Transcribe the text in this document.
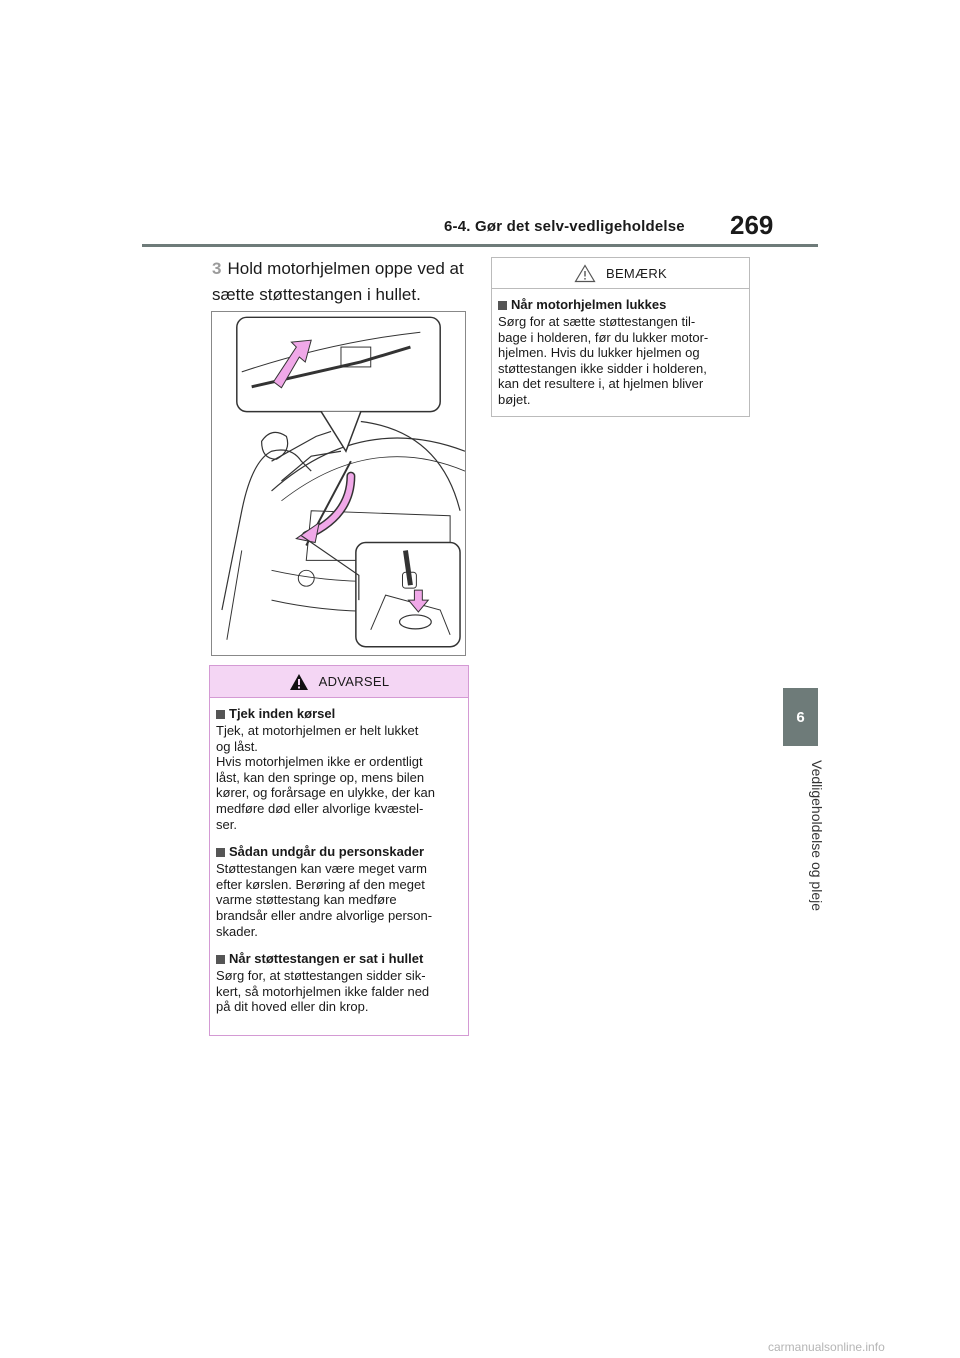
6-4. Gør det selv-vedligeholdelse 269
6
Vedligeholdelse og pleje
3 Hold motorhjelmen oppe ved at sætte støttestangen i hullet.
ADVARSEL
Tjek inden kørsel
Tjek, at motorhjelmen er helt lukket
og låst.
Hvis motorhjelmen ikke er ordentligt
låst, kan den springe op, mens bilen
kører, og forårsage en ulykke, der kan
medføre død eller alvorlige kvæstel-
ser.
Sådan undgår du personskader
Støttestangen kan være meget varm
efter kørslen. Berøring af den meget
varme støttestang kan medføre
brandsår eller andre alvorlige person-
skader.
Når støttestangen er sat i hullet
Sørg for, at støttestangen sidder sik-
kert, så motorhjelmen ikke falder ned
på dit hoved eller din krop.
BEMÆRK
Når motorhjelmen lukkes
Sørg for at sætte støttestangen til-
bage i holderen, før du lukker motor-
hjelmen. Hvis du lukker hjelmen og
støttestangen ikke sidder i holderen,
kan det resultere i, at hjelmen bliver
bøjet.
carmanualsonline.info
